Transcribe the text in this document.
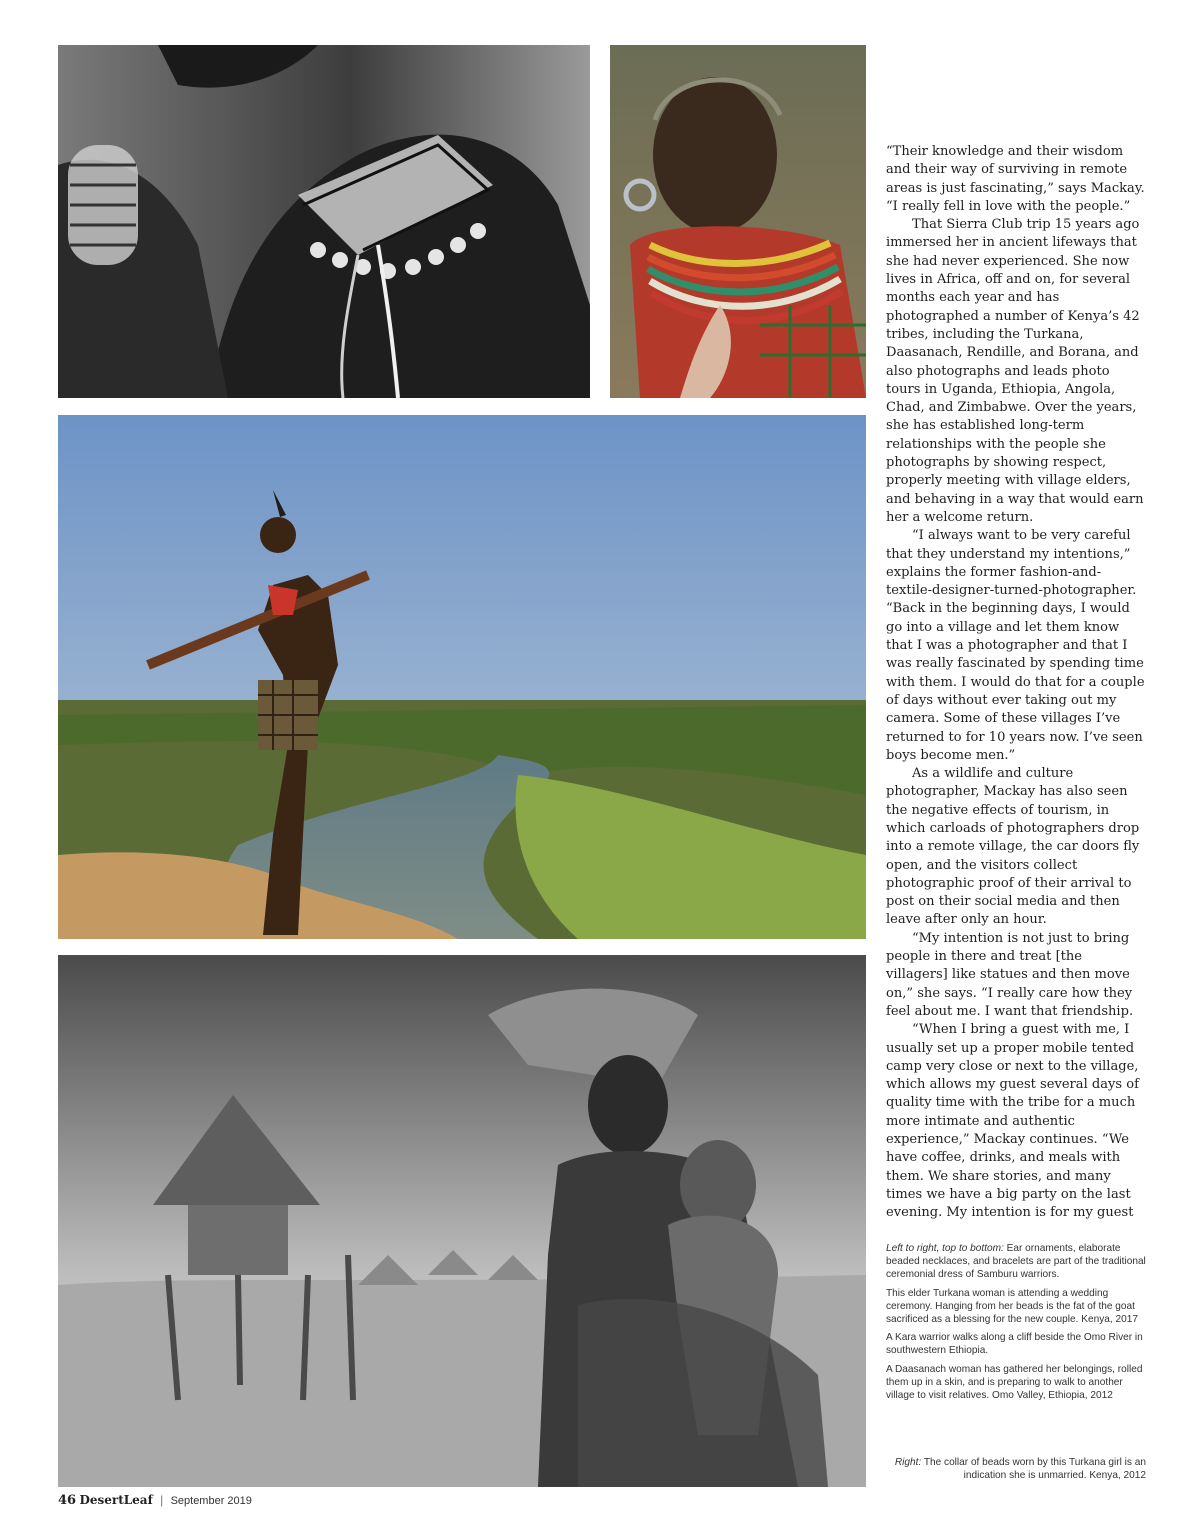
“Their knowledge and their wisdom and their way of surviving in remote areas is just fascinating,” says Mackay. “I really fell in love with the people.”

That Sierra Club trip 15 years ago immersed her in ancient lifeways that she had never experienced. She now lives in Africa, off and on, for several months each year and has photographed a number of Kenya’s 42 tribes, including the Turkana, Daasanach, Rendille, and Borana, and also photographs and leads photo tours in Uganda, Ethiopia, Angola, Chad, and Zimbabwe. Over the years, she has established long-term relationships with the people she photographs by showing respect, properly meeting with village elders, and behaving in a way that would earn her a welcome return.

“I always want to be very careful that they understand my intentions,” explains the former fashion-and-textile-designer-turned-photographer. “Back in the beginning days, I would go into a village and let them know that I was a photographer and that I was really fascinated by spending time with them. I would do that for a couple of days without ever taking out my camera. Some of these villages I’ve returned to for 10 years now. I’ve seen boys become men.”

As a wildlife and culture photographer, Mackay has also seen the negative effects of tourism, in which carloads of photographers drop into a remote village, the car doors fly open, and the visitors collect photographic proof of their arrival to post on their social media and then leave after only an hour.

“My intention is not just to bring people in there and treat [the villagers] like statues and then move on,” she says. “I really care how they feel about me. I want that friendship.

“When I bring a guest with me, I usually set up a proper mobile tented camp very close or next to the village, which allows my guest several days of quality time with the tribe for a much more intimate and authentic experience,” Mackay continues. “We have coffee, drinks, and meals with them. We share stories, and many times we have a big party on the last evening. My intention is for my guest

Left to right, top to bottom: Ear ornaments, elaborate beaded necklaces, and bracelets are part of the traditional ceremonial dress of Samburu warriors.

This elder Turkana woman is attending a wedding ceremony. Hanging from her beads is the fat of the goat sacrificed as a blessing for the new couple. Kenya, 2017

A Kara warrior walks along a cliff beside the Omo River in southwestern Ethiopia.

A Daasanach woman has gathered her belongings, rolled them up in a skin, and is preparing to walk to another village to visit relatives. Omo Valley, Ethiopia, 2012

Right: The collar of beads worn by this Turkana girl is an indication she is unmarried. Kenya, 2012
46 DesertLeaf | September 2019
